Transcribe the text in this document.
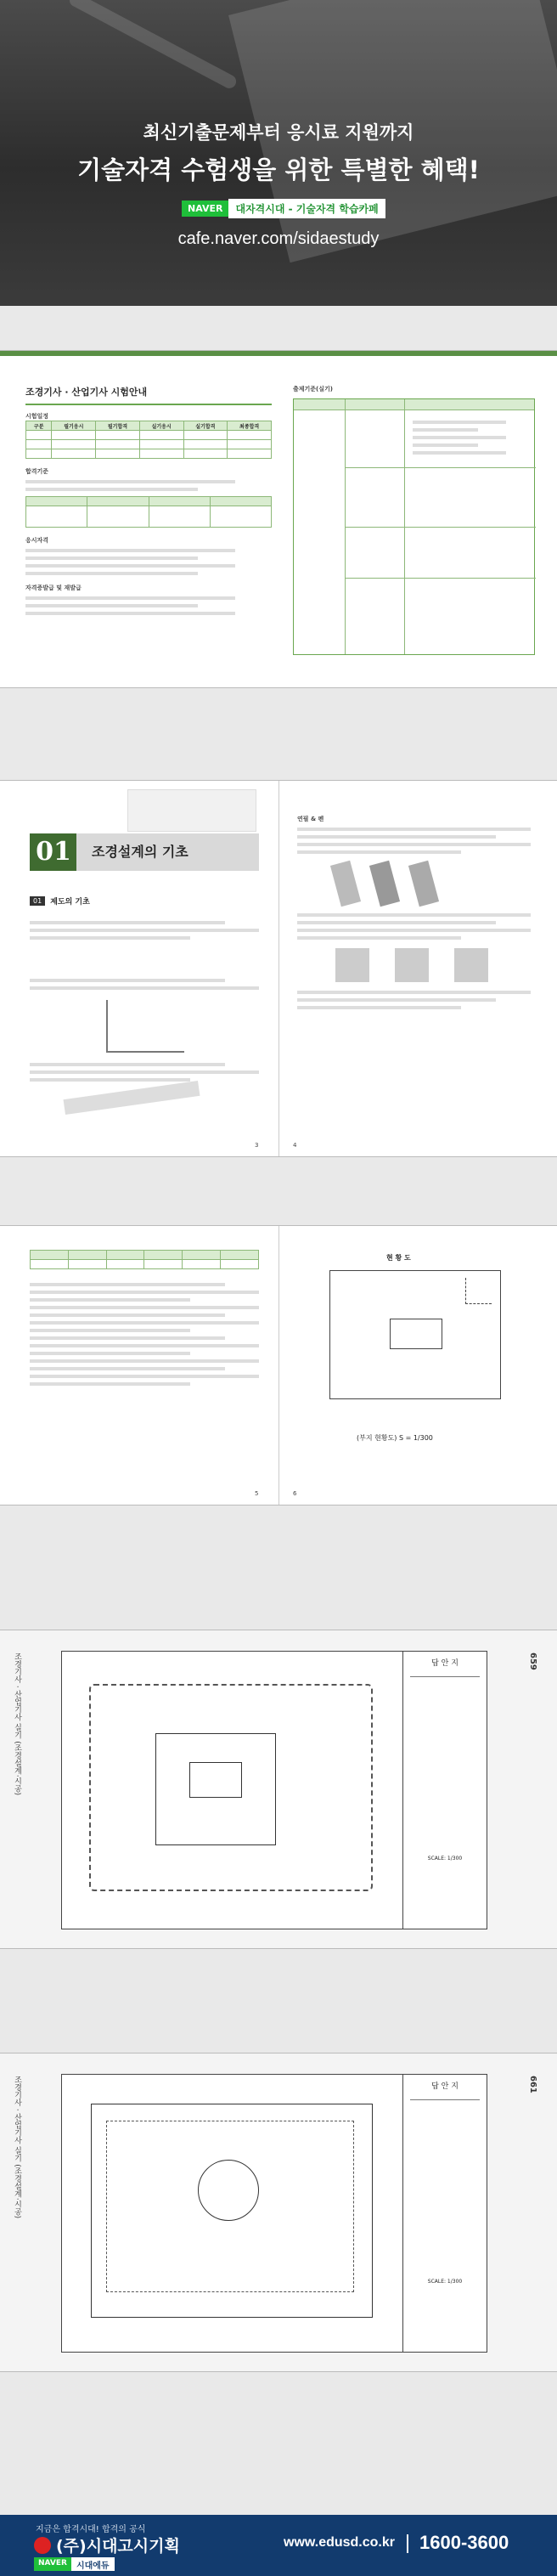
최신기출문제부터 응시료 지원까지
기술자격 수험생을 위한 특별한 혜택!
NAVER	대자격시대 - 기술자격 학습카페
cafe.naver.com/sidaestudy
조경기사 · 산업기사 시험안내
시험일정
구분	필기응시	필기합격	실기응시	실기합격	최종합격

합격기준

응시자격
자격증발급 및 재발급
출제기준(실기)
01	조경설계의 기초
01	제도의 기초
연필 & 펜
3	4

현 황 도
(부지 현황도) S = 1/300
5	6
조경기사 · 산업기사 실기 (조경설계·시공)	답 안 지
SCALE: 1/300
659
조경기사 · 산업기사 실기 (조경설계·시공)	답 안 지
SCALE: 1/300
661
지금은 합격시대! 합격의 공식
(주)시대고시기획
NAVER	시대에듀
www.edusd.co.kr 1600-3600
